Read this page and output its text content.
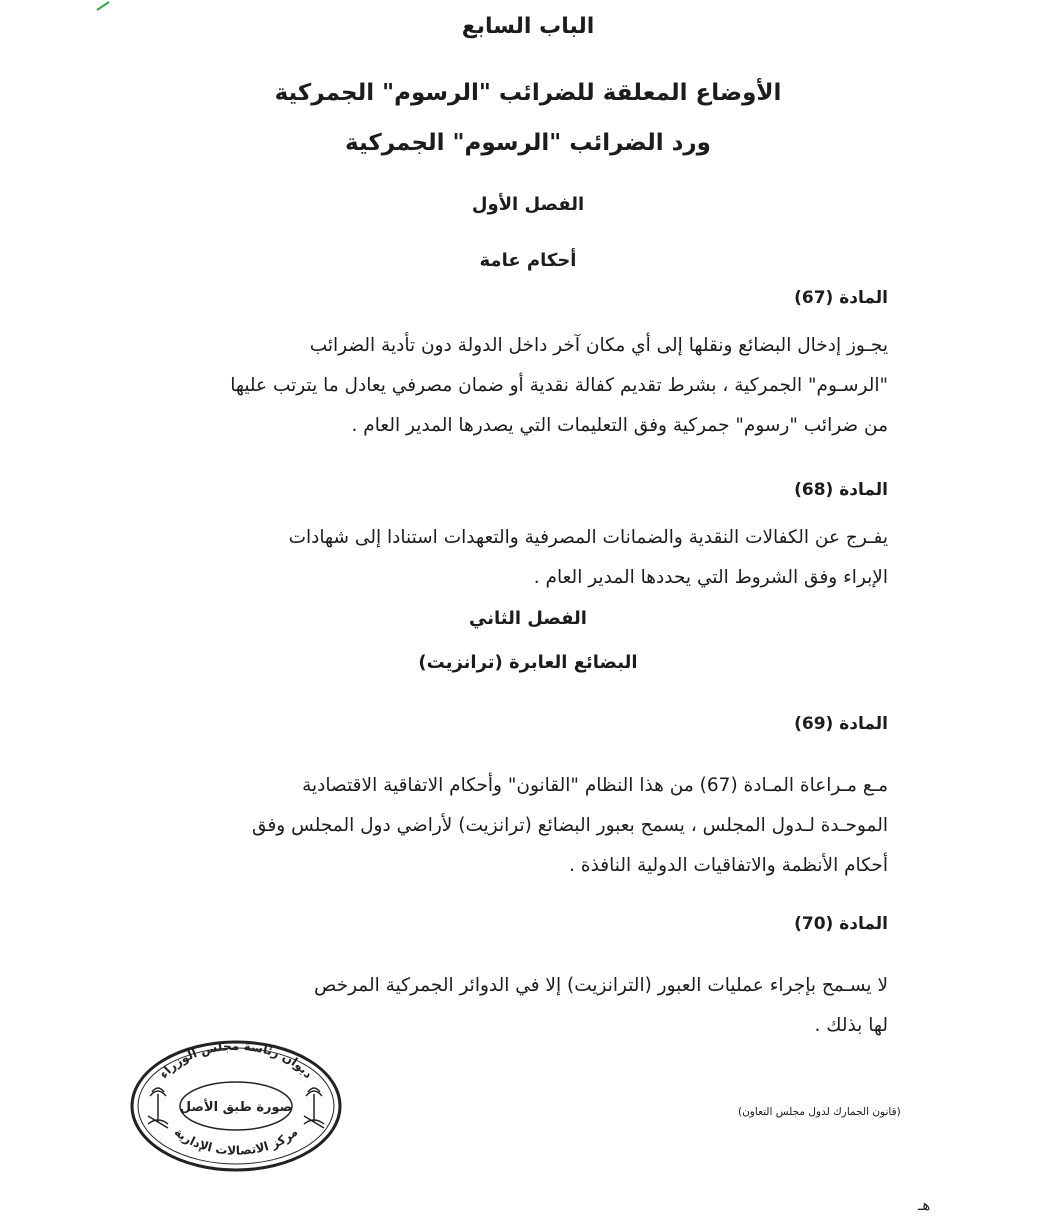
الباب السابع
الأوضاع المعلقة للضرائب "الرسوم" الجمركية
ورد الضرائب "الرسوم" الجمركية
الفصل الأول
أحكام عامة
المادة (67)
يجـوز إدخال البضائع ونقلها إلى أي مكان آخر داخل الدولة دون تأدية الضرائب
"الرسـوم" الجمركية ، بشرط تقديم كفالة نقدية أو ضمان مصرفي يعادل ما يترتب عليها
من ضرائب "رسوم" جمركية وفق التعليمات التي يصدرها المدير العام .
المادة (68)
يفـرج عن الكفالات النقدية والضمانات المصرفية والتعهدات استنادا إلى شهادات
الإبراء وفق الشروط التي يحددها المدير العام .
الفصل الثاني
البضائع العابرة (ترانزيت)
المادة (69)
مـع مـراعاة المـادة (67) من هذا النظام "القانون" وأحكام الاتفاقية الاقتصادية
الموحـدة لـدول المجلس ، يسمح بعبور البضائع (ترانزيت) لأراضي دول المجلس وفق
أحكام الأنظمة والاتفاقيات الدولية النافذة .
المادة (70)
لا يسـمح بإجراء عمليات العبور (الترانزيت) إلا في الدوائر الجمركية المرخص
لها بذلك .
ديوان رئاسة مجلس الوزراء
مركز الاتصالات الإدارية
صورة طبق الأصل	(قانون الجمارك لدول مجلس التعاون)
هـ
